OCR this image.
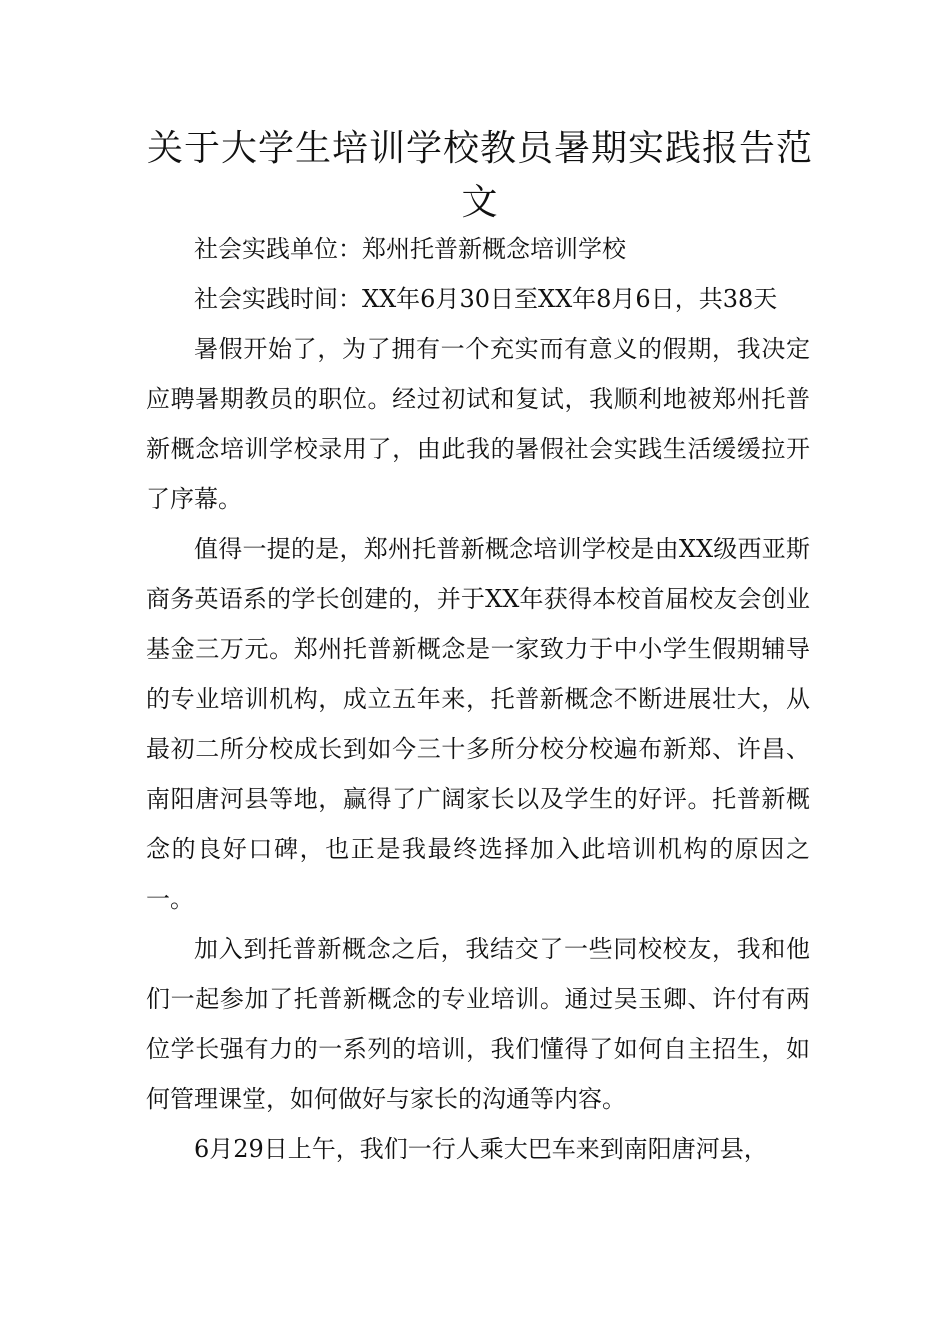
关于大学生培训学校教员暑期实践报告范文

社会实践单位：郑州托普新概念培训学校

社会实践时间：XX年6月30日至XX年8月6日，共38天

暑假开始了，为了拥有一个充实而有意义的假期，我决定应聘暑期教员的职位。经过初试和复试，我顺利地被郑州托普新概念培训学校录用了，由此我的暑假社会实践生活缓缓拉开了序幕。

值得一提的是，郑州托普新概念培训学校是由XX级西亚斯商务英语系的学长创建的，并于XX年获得本校首届校友会创业基金三万元。郑州托普新概念是一家致力于中小学生假期辅导的专业培训机构，成立五年来，托普新概念不断进展壮大，从最初二所分校成长到如今三十多所分校分校遍布新郑、许昌、南阳唐河县等地，赢得了广阔家长以及学生的好评。托普新概念的良好口碑，也正是我最终选择加入此培训机构的原因之一。

加入到托普新概念之后，我结交了一些同校校友，我和他们一起参加了托普新概念的专业培训。通过吴玉卿、许付有两位学长强有力的一系列的培训，我们懂得了如何自主招生，如何管理课堂，如何做好与家长的沟通等内容。

6月29日上午，我们一行人乘大巴车来到南阳唐河县，
